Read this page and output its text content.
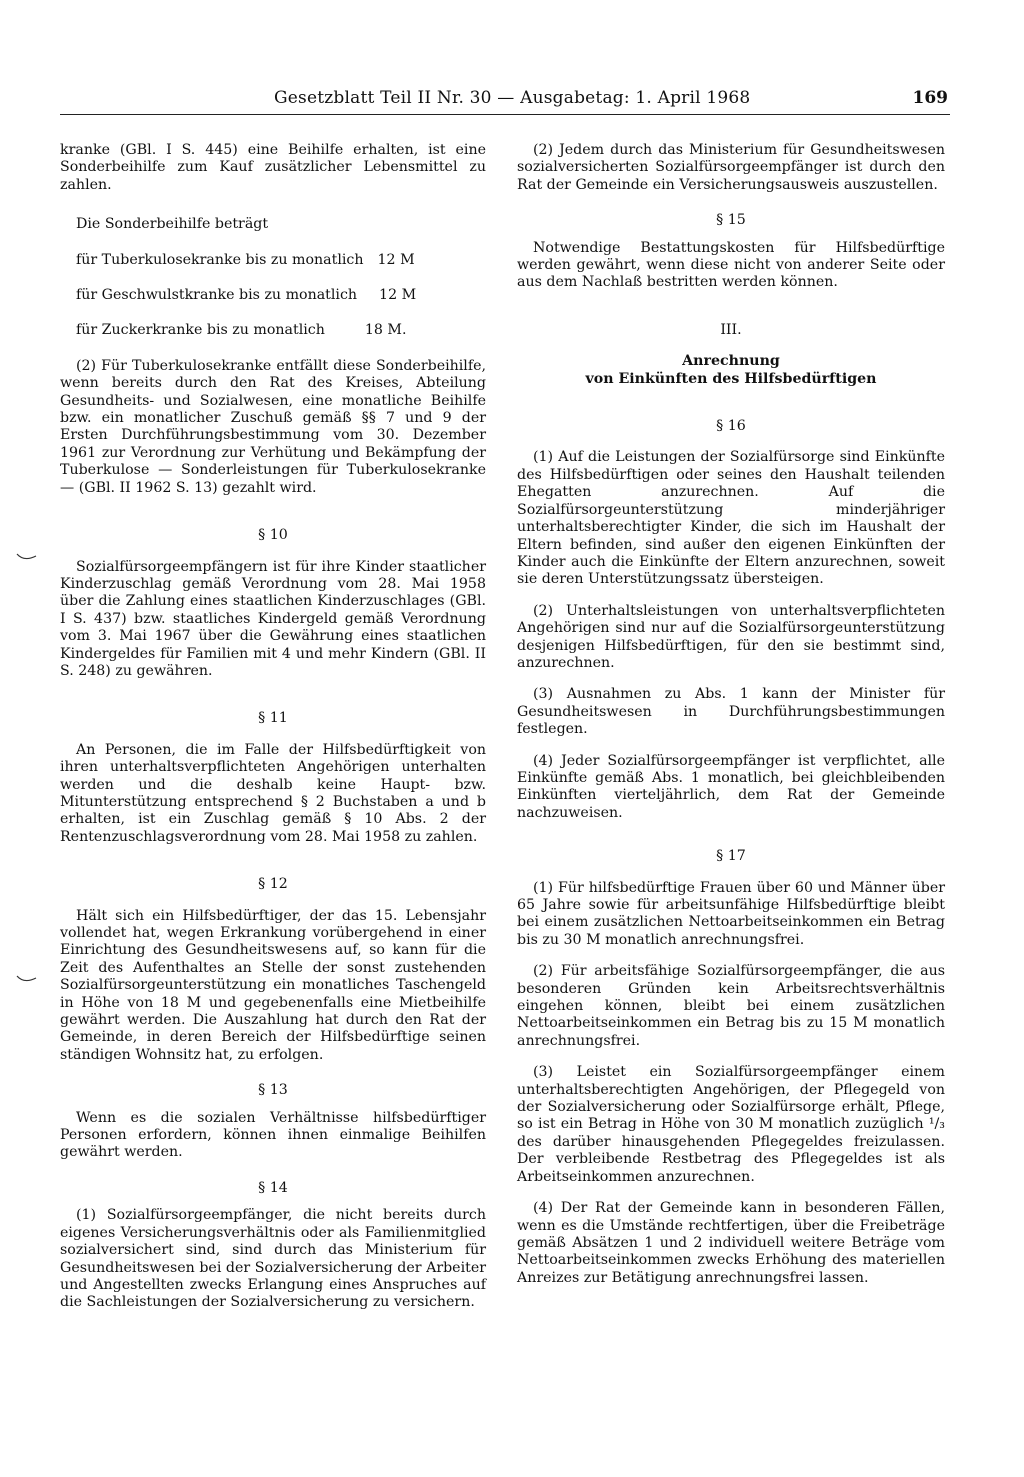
Gesetzblatt Teil II Nr. 30 — Ausgabetag: 1. April 1968	169

kranke (GBl. I S. 445) eine Beihilfe erhalten, ist eine Sonderbeihilfe zum Kauf zusätzlicher Lebensmittel zu zahlen.

Die Sonderbeihilfe beträgt

für Tuberkulosekranke bis zu monatlich 12 M
für Geschwulstkranke bis zu monatlich 12 M
für Zuckerkranke bis zu monatlich	18 M.

(2) Für Tuberkulosekranke entfällt diese Sonderbeihilfe, wenn bereits durch den Rat des Kreises, Abteilung Gesundheits- und Sozialwesen, eine monatliche Beihilfe bzw. ein monatlicher Zuschuß gemäß §§ 7 und 9 der Ersten Durchführungsbestimmung vom 30. Dezember 1961 zur Verordnung zur Verhütung und Bekämpfung der Tuberkulose — Sonderleistungen für Tuberkulosekranke — (GBl. II 1962 S. 13) gezahlt wird.

§ 10

Sozialfürsorgeempfängern ist für ihre Kinder staatlicher Kinderzuschlag gemäß Verordnung vom 28. Mai 1958 über die Zahlung eines staatlichen Kinderzuschlages (GBl. I S. 437) bzw. staatliches Kindergeld gemäß Verordnung vom 3. Mai 1967 über die Gewährung eines staatlichen Kindergeldes für Familien mit 4 und mehr Kindern (GBl. II S. 248) zu gewähren.

§ 11

An Personen, die im Falle der Hilfsbedürftigkeit von ihren unterhaltsverpflichteten Angehörigen unterhalten werden und die deshalb keine Haupt- bzw. Mitunterstützung entsprechend § 2 Buchstaben a und b erhalten, ist ein Zuschlag gemäß § 10 Abs. 2 der Rentenzuschlagsverordnung vom 28. Mai 1958 zu zahlen.

§ 12

Hält sich ein Hilfsbedürftiger, der das 15. Lebensjahr vollendet hat, wegen Erkrankung vorübergehend in einer Einrichtung des Gesundheitswesens auf, so kann für die Zeit des Aufenthaltes an Stelle der sonst zustehenden Sozialfürsorgeunterstützung ein monatliches Taschengeld in Höhe von 18 M und gegebenenfalls eine Mietbeihilfe gewährt werden. Die Auszahlung hat durch den Rat der Gemeinde, in deren Bereich der Hilfsbedürftige seinen ständigen Wohnsitz hat, zu erfolgen.

§ 13

Wenn es die sozialen Verhältnisse hilfsbedürftiger Personen erfordern, können ihnen einmalige Beihilfen gewährt werden.

§ 14

(1) Sozialfürsorgeempfänger, die nicht bereits durch eigenes Versicherungsverhältnis oder als Familienmitglied sozialversichert sind, sind durch das Ministerium für Gesundheitswesen bei der Sozialversicherung der Arbeiter und Angestellten zwecks Erlangung eines Anspruches auf die Sachleistungen der Sozialversicherung zu versichern.

(2) Jedem durch das Ministerium für Gesundheitswesen sozialversicherten Sozialfürsorgeempfänger ist durch den Rat der Gemeinde ein Versicherungsausweis auszustellen.

§ 15

Notwendige Bestattungskosten für Hilfsbedürftige werden gewährt, wenn diese nicht von anderer Seite oder aus dem Nachlaß bestritten werden können.

III.

Anrechnung

von Einkünften des Hilfsbedürftigen

§ 16

(1) Auf die Leistungen der Sozialfürsorge sind Einkünfte des Hilfsbedürftigen oder seines den Haushalt teilenden Ehegatten anzurechnen. Auf die Sozialfürsorgeunterstützung minderjähriger unterhaltsberechtigter Kinder, die sich im Haushalt der Eltern befinden, sind außer den eigenen Einkünften der Kinder auch die Einkünfte der Eltern anzurechnen, soweit sie deren Unterstützungssatz übersteigen.

(2) Unterhaltsleistungen von unterhaltsverpflichteten Angehörigen sind nur auf die Sozialfürsorgeunterstützung desjenigen Hilfsbedürftigen, für den sie bestimmt sind, anzurechnen.

(3) Ausnahmen zu Abs. 1 kann der Minister für Gesundheitswesen in Durchführungsbestimmungen festlegen.

(4) Jeder Sozialfürsorgeempfänger ist verpflichtet, alle Einkünfte gemäß Abs. 1 monatlich, bei gleichbleibenden Einkünften vierteljährlich, dem Rat der Gemeinde nachzuweisen.

§ 17

(1) Für hilfsbedürftige Frauen über 60 und Männer über 65 Jahre sowie für arbeitsunfähige Hilfsbedürftige bleibt bei einem zusätzlichen Nettoarbeitseinkommen ein Betrag bis zu 30 M monatlich anrechnungsfrei.

(2) Für arbeitsfähige Sozialfürsorgeempfänger, die aus besonderen Gründen kein Arbeitsrechtsverhältnis eingehen können, bleibt bei einem zusätzlichen Nettoarbeitseinkommen ein Betrag bis zu 15 M monatlich anrechnungsfrei.

(3) Leistet ein Sozialfürsorgeempfänger einem unterhaltsberechtigten Angehörigen, der Pflegegeld von der Sozialversicherung oder Sozialfürsorge erhält, Pflege, so ist ein Betrag in Höhe von 30 M monatlich zuzüglich ¹/₃ des darüber hinausgehenden Pflegegeldes freizulassen. Der verbleibende Restbetrag des Pflegegeldes ist als Arbeitseinkommen anzurechnen.

(4) Der Rat der Gemeinde kann in besonderen Fällen, wenn es die Umstände rechtfertigen, über die Freibeträge gemäß Absätzen 1 und 2 individuell weitere Beträge vom Nettoarbeitseinkommen zwecks Erhöhung des materiellen Anreizes zur Betätigung anrechnungsfrei lassen.
